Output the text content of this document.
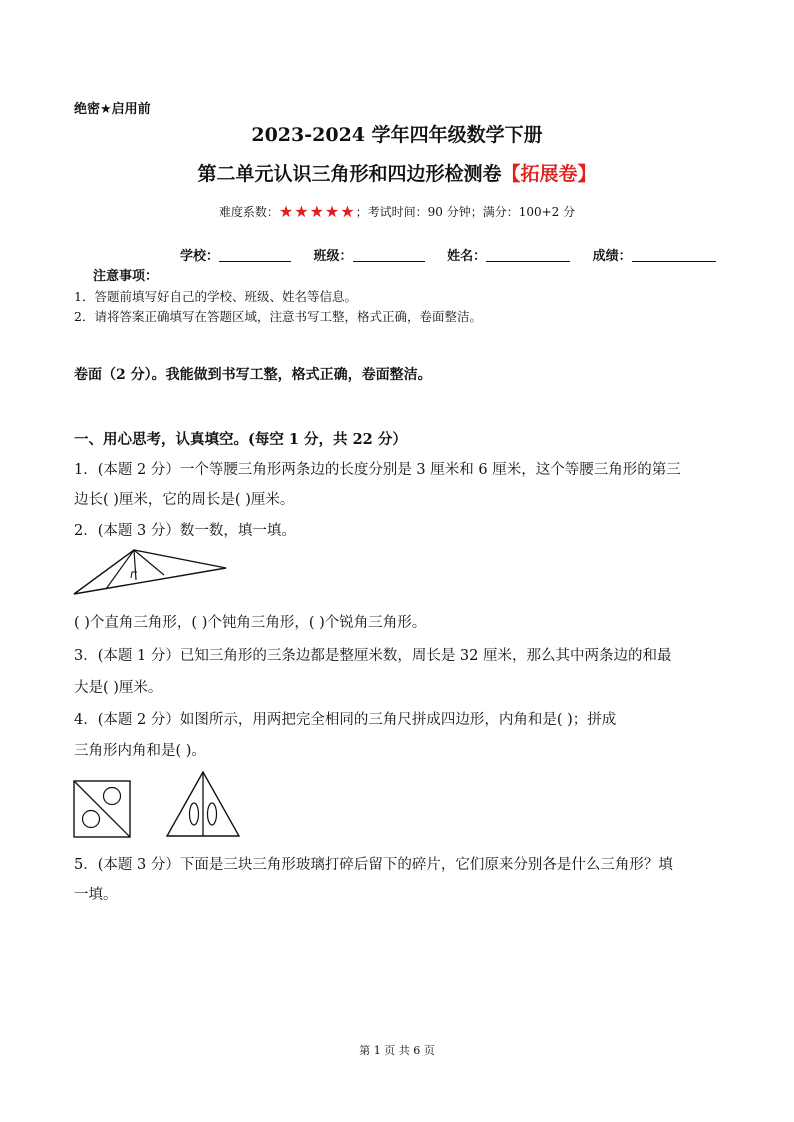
绝密★启用前
2023-2024 学年四年级数学下册
第二单元认识三角形和四边形检测卷【拓展卷】
难度系数：★★★★★；考试时间：90 分钟；满分：100+2 分
学校：	班级：	姓名：	成绩：
注意事项：
1．答题前填写好自己的学校、班级、姓名等信息。
2．请将答案正确填写在答题区域，注意书写工整，格式正确，卷面整洁。
卷面（2 分）。我能做到书写工整，格式正确，卷面整洁。
一、用心思考，认真填空。(每空 1 分，共 22 分）
1．(本题 2 分）一个等腰三角形两条边的长度分别是 3 厘米和 6 厘米，这个等腰三角形的第三
边长( )厘米，它的周长是( )厘米。
2．(本题 3 分）数一数，填一填。
( )个直角三角形，( )个钝角三角形，( )个锐角三角形。
3．(本题 1 分）已知三角形的三条边都是整厘米数，周长是 32 厘米，那么其中两条边的和最
大是( )厘米。
4．(本题 2 分）如图所示，用两把完全相同的三角尺拼成四边形，内角和是( )；拼成
三角形内角和是( )。
5．(本题 3 分）下面是三块三角形玻璃打碎后留下的碎片，它们原来分别各是什么三角形？填
一填。
第 1 页 共 6 页
